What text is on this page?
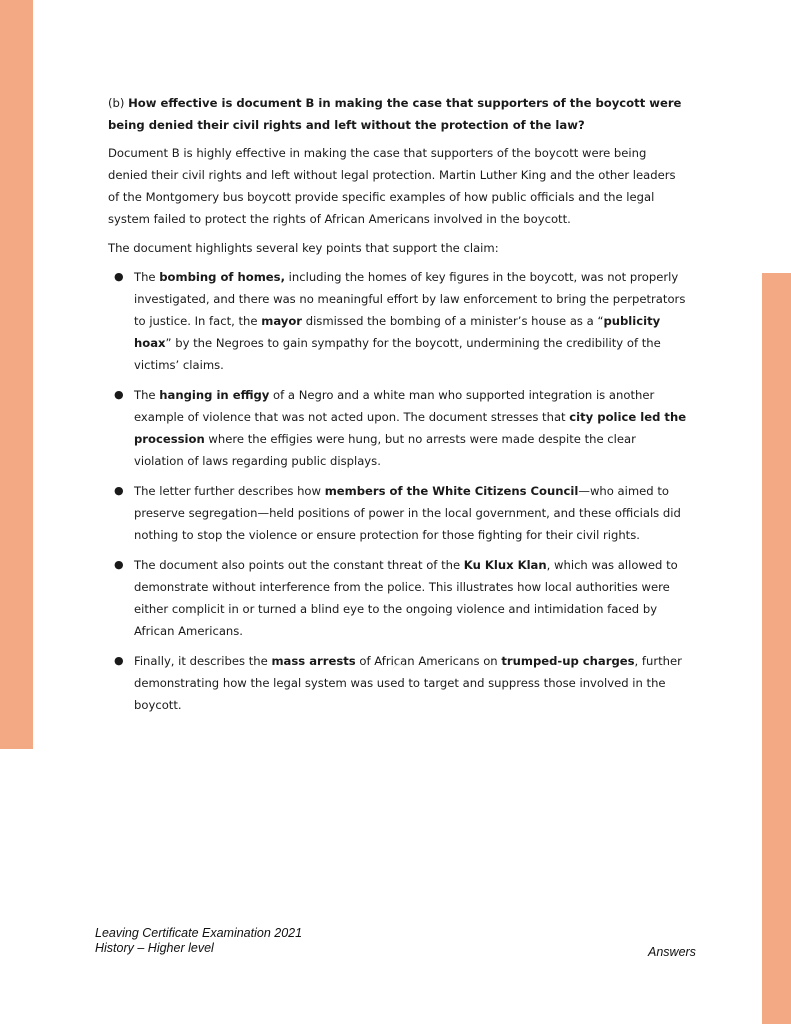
(b) How effective is document B in making the case that supporters of the boycott were being denied their civil rights and left without the protection of the law?

Document B is highly effective in making the case that supporters of the boycott were being denied their civil rights and left without legal protection. Martin Luther King and the other leaders of the Montgomery bus boycott provide specific examples of how public officials and the legal system failed to protect the rights of African Americans involved in the boycott.

The document highlights several key points that support the claim:

● The bombing of homes, including the homes of key figures in the boycott, was not properly investigated, and there was no meaningful effort by law enforcement to bring the perpetrators to justice. In fact, the mayor dismissed the bombing of a minister’s house as a “publicity hoax” by the Negroes to gain sympathy for the boycott, undermining the credibility of the victims’ claims.
● The hanging in effigy of a Negro and a white man who supported integration is another example of violence that was not acted upon. The document stresses that city police led the procession where the effigies were hung, but no arrests were made despite the clear violation of laws regarding public displays.
● The letter further describes how members of the White Citizens Council—who aimed to preserve segregation—held positions of power in the local government, and these officials did nothing to stop the violence or ensure protection for those fighting for their civil rights.
● The document also points out the constant threat of the Ku Klux Klan, which was allowed to demonstrate without interference from the police. This illustrates how local authorities were either complicit in or turned a blind eye to the ongoing violence and intimidation faced by African Americans.
● Finally, it describes the mass arrests of African Americans on trumped-up charges, further demonstrating how the legal system was used to target and suppress those involved in the boycott.
Leaving Certificate Examination 2021
History – Higher level	Answers
